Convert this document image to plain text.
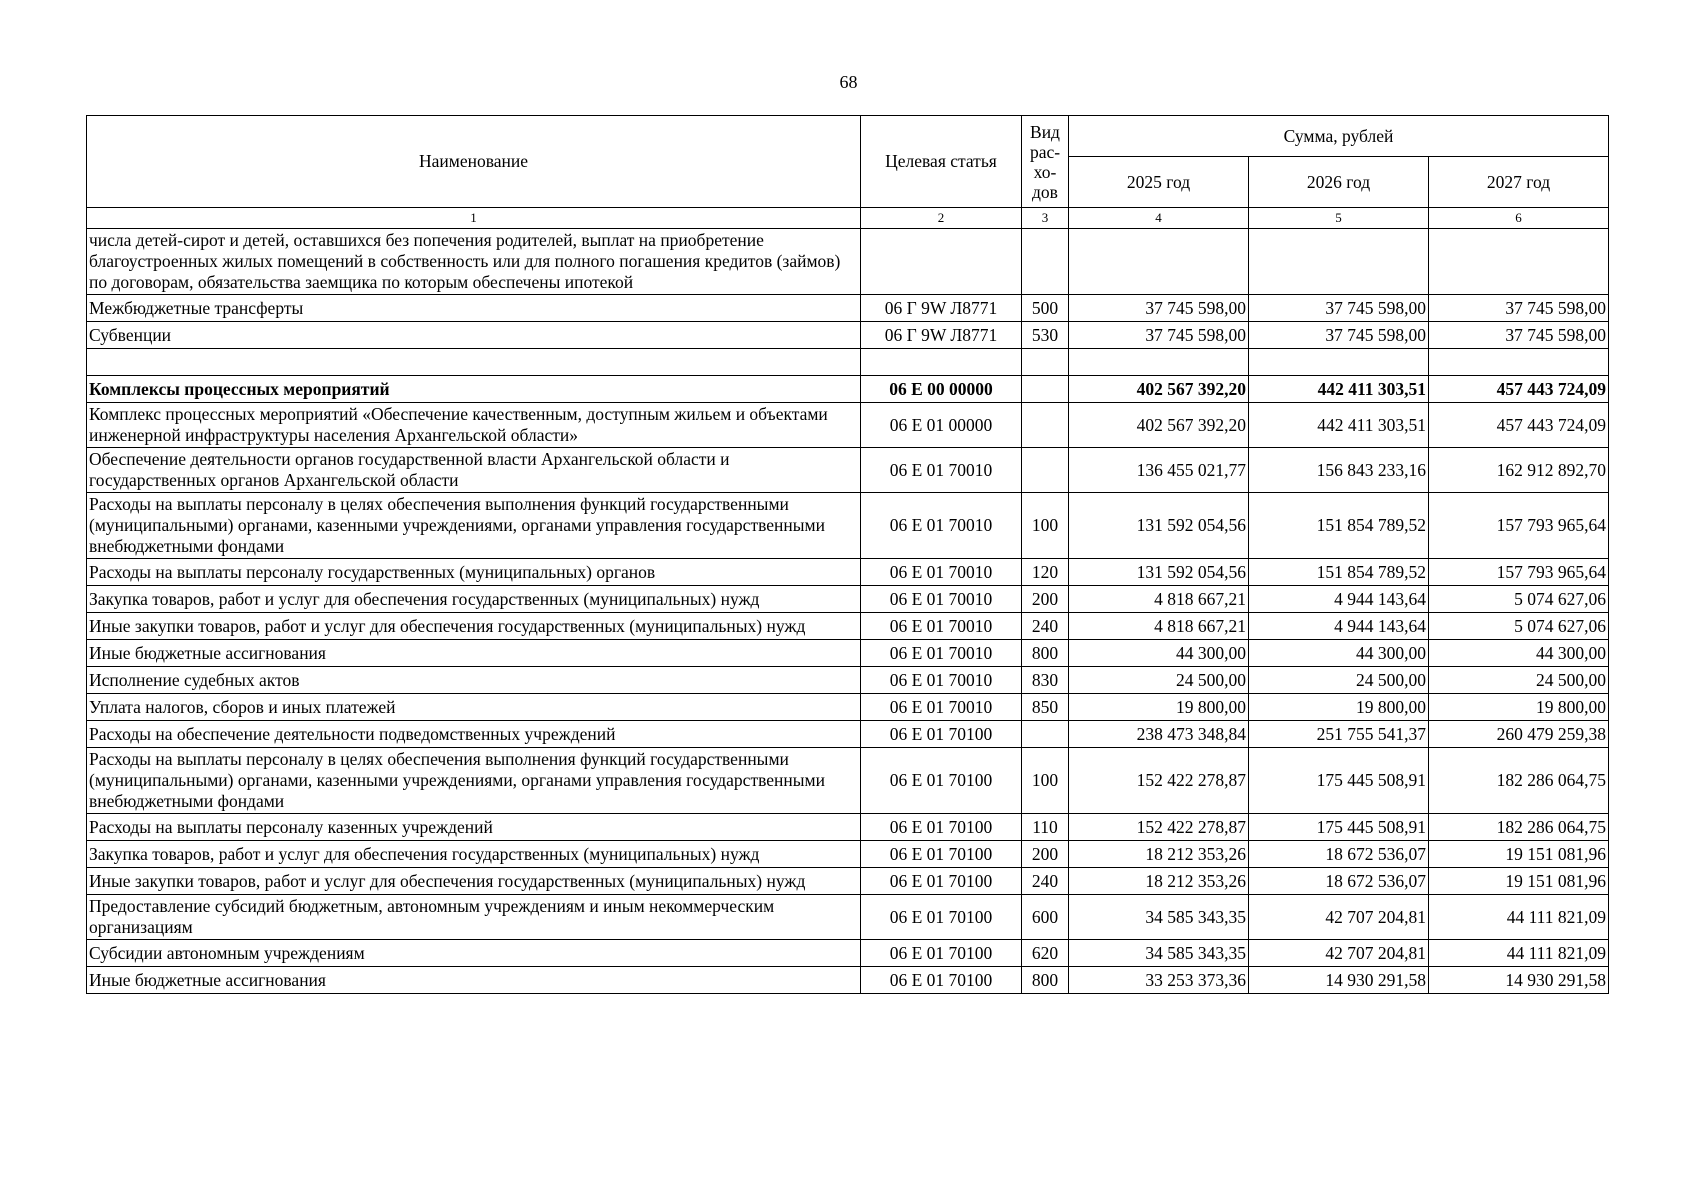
68
Наименование	Целевая статья	Вид рас- хо- дов	Сумма, рублей		
			2025 год	2026 год	2027 год
1	2	3	4	5	6
числа детей-сирот и детей, оставшихся без попечения родителей, выплат на приобретение благоустроенных жилых помещений в собственность или для полного погашения кредитов (займов) по договорам, обязательства заемщика по которым обеспечены ипотекой					
Межбюджетные трансферты	06 Г 9W Л8771	500	37 745 598,00	37 745 598,00	37 745 598,00
Субвенции	06 Г 9W Л8771	530	37 745 598,00	37 745 598,00	37 745 598,00

Комплексы процессных мероприятий	06 Е 00 00000		402 567 392,20	442 411 303,51	457 443 724,09
Комплекс процессных мероприятий «Обеспечение качественным, доступным жильем и объектами инженерной инфраструктуры населения Архангельской области»	06 Е 01 00000		402 567 392,20	442 411 303,51	457 443 724,09
Обеспечение деятельности органов государственной власти Архангельской области и государственных органов Архангельской области	06 Е 01 70010		136 455 021,77	156 843 233,16	162 912 892,70
Расходы на выплаты персоналу в целях обеспечения выполнения функций государственными (муниципальными) органами, казенными учреждениями, органами управления государственными внебюджетными фондами	06 Е 01 70010	100	131 592 054,56	151 854 789,52	157 793 965,64
Расходы на выплаты персоналу государственных (муниципальных) органов	06 Е 01 70010	120	131 592 054,56	151 854 789,52	157 793 965,64
Закупка товаров, работ и услуг для обеспечения государственных (муниципальных) нужд	06 Е 01 70010	200	4 818 667,21	4 944 143,64	5 074 627,06
Иные закупки товаров, работ и услуг для обеспечения государственных (муниципальных) нужд	06 Е 01 70010	240	4 818 667,21	4 944 143,64	5 074 627,06
Иные бюджетные ассигнования	06 Е 01 70010	800	44 300,00	44 300,00	44 300,00
Исполнение судебных актов	06 Е 01 70010	830	24 500,00	24 500,00	24 500,00
Уплата налогов, сборов и иных платежей	06 Е 01 70010	850	19 800,00	19 800,00	19 800,00
Расходы на обеспечение деятельности подведомственных учреждений	06 Е 01 70100		238 473 348,84	251 755 541,37	260 479 259,38
Расходы на выплаты персоналу в целях обеспечения выполнения функций государственными (муниципальными) органами, казенными учреждениями, органами управления государственными внебюджетными фондами	06 Е 01 70100	100	152 422 278,87	175 445 508,91	182 286 064,75
Расходы на выплаты персоналу казенных учреждений	06 Е 01 70100	110	152 422 278,87	175 445 508,91	182 286 064,75
Закупка товаров, работ и услуг для обеспечения государственных (муниципальных) нужд	06 Е 01 70100	200	18 212 353,26	18 672 536,07	19 151 081,96
Иные закупки товаров, работ и услуг для обеспечения государственных (муниципальных) нужд	06 Е 01 70100	240	18 212 353,26	18 672 536,07	19 151 081,96
Предоставление субсидий бюджетным, автономным учреждениям и иным некоммерческим организациям	06 Е 01 70100	600	34 585 343,35	42 707 204,81	44 111 821,09
Субсидии автономным учреждениям	06 Е 01 70100	620	34 585 343,35	42 707 204,81	44 111 821,09
Иные бюджетные ассигнования	06 Е 01 70100	800	33 253 373,36	14 930 291,58	14 930 291,58
